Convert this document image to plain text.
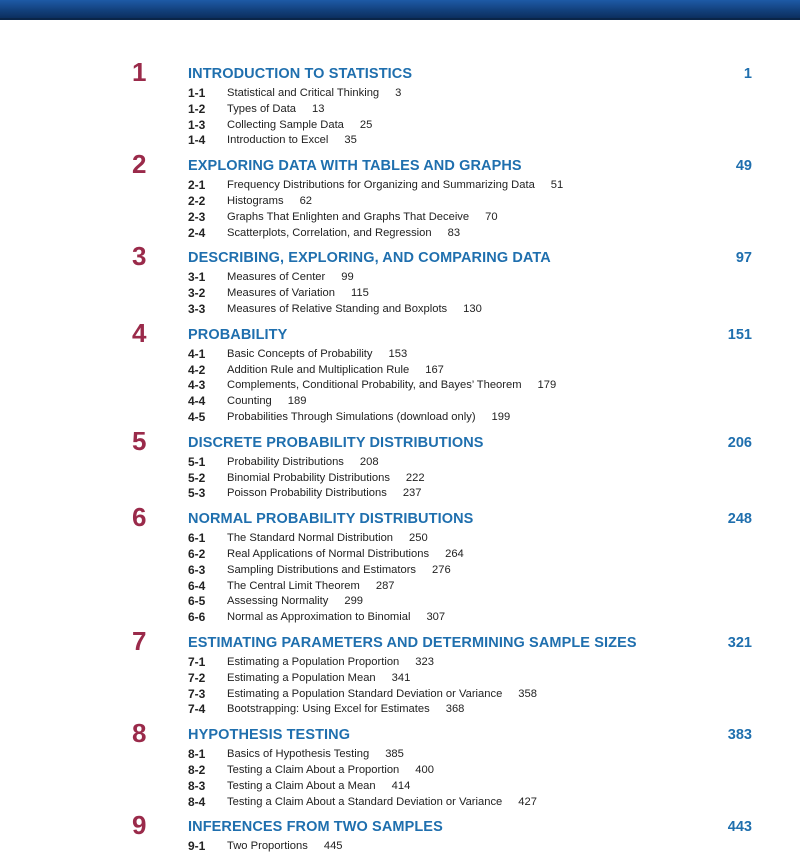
1	INTRODUCTION TO STATISTICS	1
1-1 Statistical and Critical Thinking 3
1-2 Types of Data 13
1-3 Collecting Sample Data 25
1-4 Introduction to Excel 35
2	EXPLORING DATA WITH TABLES AND GRAPHS	49
2-1 Frequency Distributions for Organizing and Summarizing Data 51
2-2 Histograms 62
2-3 Graphs That Enlighten and Graphs That Deceive 70
2-4 Scatterplots, Correlation, and Regression 83
3	DESCRIBING, EXPLORING, AND COMPARING DATA	97
3-1 Measures of Center 99
3-2 Measures of Variation 115
3-3 Measures of Relative Standing and Boxplots 130
4	PROBABILITY	151
4-1 Basic Concepts of Probability 153
4-2 Addition Rule and Multiplication Rule 167
4-3 Complements, Conditional Probability, and Bayes’ Theorem 179
4-4 Counting 189
4-5 Probabilities Through Simulations (download only) 199
5	DISCRETE PROBABILITY DISTRIBUTIONS	206
5-1 Probability Distributions 208
5-2 Binomial Probability Distributions 222
5-3 Poisson Probability Distributions 237
6	NORMAL PROBABILITY DISTRIBUTIONS	248
6-1 The Standard Normal Distribution 250
6-2 Real Applications of Normal Distributions 264
6-3 Sampling Distributions and Estimators 276
6-4 The Central Limit Theorem 287
6-5 Assessing Normality 299
6-6 Normal as Approximation to Binomial 307
7	ESTIMATING PARAMETERS AND DETERMINING SAMPLE SIZES	321
7-1 Estimating a Population Proportion 323
7-2 Estimating a Population Mean 341
7-3 Estimating a Population Standard Deviation or Variance 358
7-4 Bootstrapping: Using Excel for Estimates 368
8	HYPOTHESIS TESTING	383
8-1 Basics of Hypothesis Testing 385
8-2 Testing a Claim About a Proportion 400
8-3 Testing a Claim About a Mean 414
8-4 Testing a Claim About a Standard Deviation or Variance 427
9	INFERENCES FROM TWO SAMPLES	443
9-1 Two Proportions 445
